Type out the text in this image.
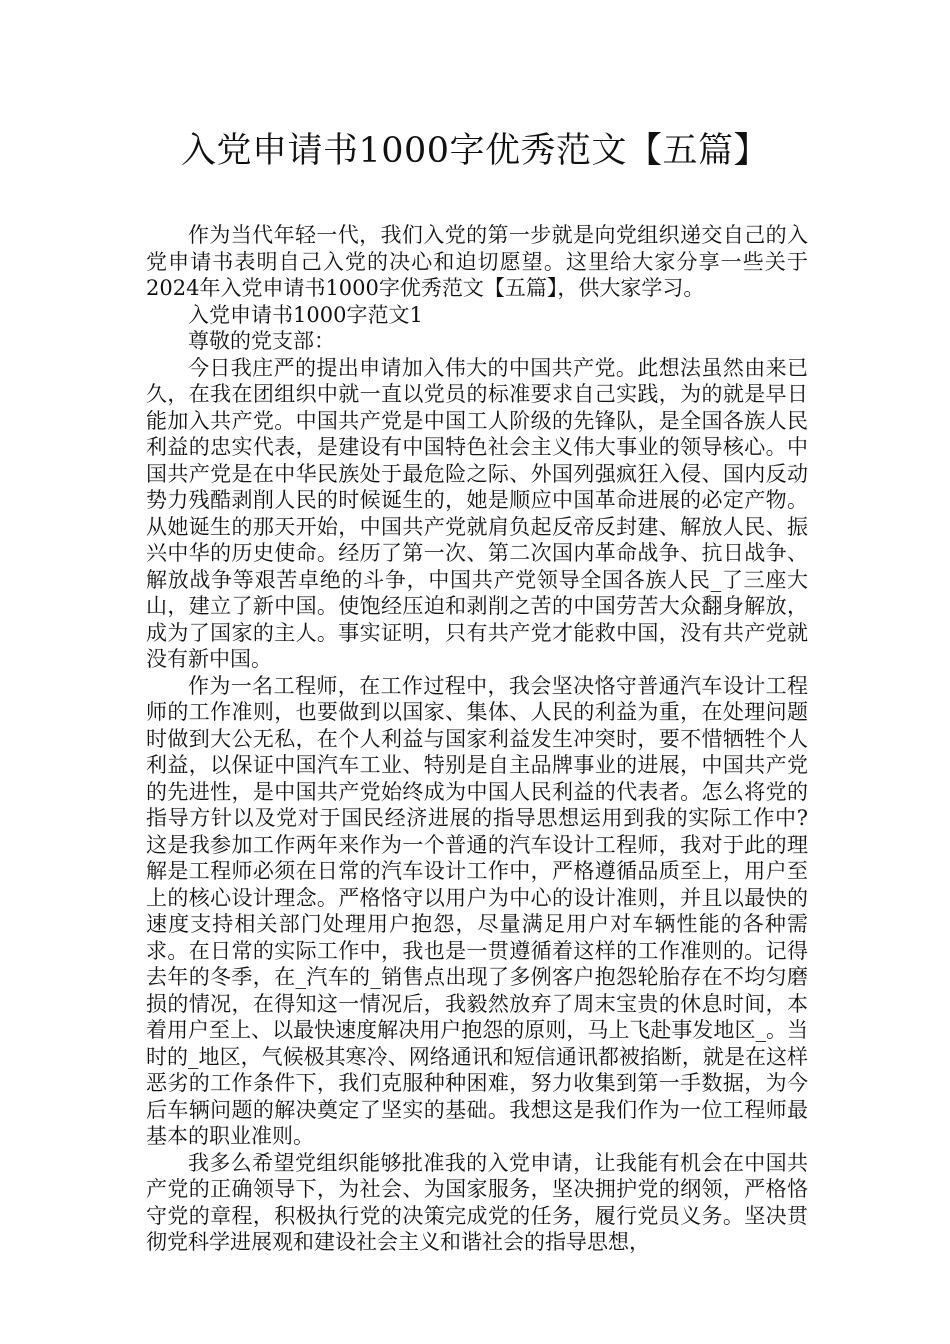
入党申请书1000字优秀范文【五篇】

作为当代年轻一代，我们入党的第一步就是向党组织递交自己的入党申请书表明自己入党的决心和迫切愿望。这里给大家分享一些关于2024年入党申请书1000字优秀范文【五篇】，供大家学习。

入党申请书1000字范文1

尊敬的党支部：

今日我庄严的提出申请加入伟大的中国共产党。此想法虽然由来已久，在我在团组织中就一直以党员的标准要求自己实践，为的就是早日能加入共产党。中国共产党是中国工人阶级的先锋队，是全国各族人民利益的忠实代表，是建设有中国特色社会主义伟大事业的领导核心。中国共产党是在中华民族处于最危险之际、外国列强疯狂入侵、国内反动势力残酷剥削人民的时候诞生的，她是顺应中国革命进展的必定产物。从她诞生的那天开始，中国共产党就肩负起反帝反封建、解放人民、振兴中华的历史使命。经历了第一次、第二次国内革命战争、抗日战争、解放战争等艰苦卓绝的斗争，中国共产党领导全国各族人民_了三座大山，建立了新中国。使饱经压迫和剥削之苦的中国劳苦大众翻身解放，成为了国家的主人。事实证明，只有共产党才能救中国，没有共产党就没有新中国。

作为一名工程师，在工作过程中，我会坚决恪守普通汽车设计工程师的工作准则，也要做到以国家、集体、人民的利益为重，在处理问题时做到大公无私，在个人利益与国家利益发生冲突时，要不惜牺牲个人利益，以保证中国汽车工业、特别是自主品牌事业的进展，中国共产党的先进性，是中国共产党始终成为中国人民利益的代表者。怎么将党的指导方针以及党对于国民经济进展的指导思想运用到我的实际工作中?这是我参加工作两年来作为一个普通的汽车设计工程师，我对于此的理解是工程师必须在日常的汽车设计工作中，严格遵循品质至上，用户至上的核心设计理念。严格恪守以用户为中心的设计准则，并且以最快的速度支持相关部门处理用户抱怨，尽量满足用户对车辆性能的各种需求。在日常的实际工作中，我也是一贯遵循着这样的工作准则的。记得去年的冬季，在_汽车的_销售点出现了多例客户抱怨轮胎存在不均匀磨损的情况，在得知这一情况后，我毅然放弃了周末宝贵的休息时间，本着用户至上、以最快速度解决用户抱怨的原则，马上飞赴事发地区_。当时的_地区，气候极其寒冷、网络通讯和短信通讯都被掐断，就是在这样恶劣的工作条件下，我们克服种种困难，努力收集到第一手数据，为今后车辆问题的解决奠定了坚实的基础。我想这是我们作为一位工程师最基本的职业准则。

我多么希望党组织能够批准我的入党申请，让我能有机会在中国共产党的正确领导下，为社会、为国家服务，坚决拥护党的纲领，严格恪守党的章程，积极执行党的决策完成党的任务，履行党员义务。坚决贯彻党科学进展观和建设社会主义和谐社会的指导思想，
